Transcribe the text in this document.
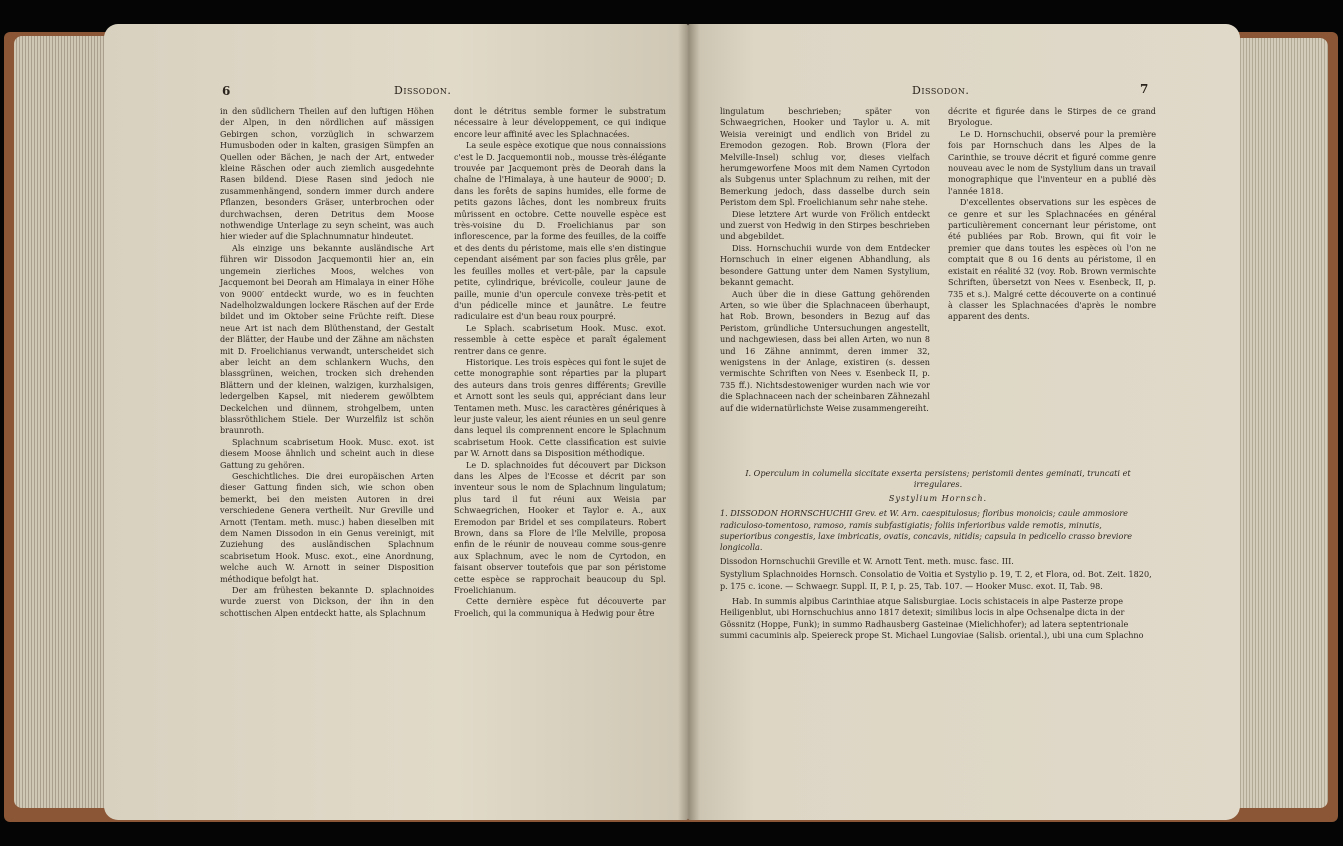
6	Dissodon.

in den südlichern Theilen auf den luftigen Höhen der Alpen, in den nördlichen auf mässigen Gebirgen schon, vorzüglich in schwarzem Humusboden oder in kalten, grasigen Sümpfen an Quellen oder Bächen, je nach der Art, entweder kleine Räschen oder auch ziemlich ausgedehnte Rasen bildend. Diese Rasen sind jedoch nie zusammenhängend, sondern immer durch andere Pflanzen, besonders Gräser, unterbrochen oder durchwachsen, deren Detritus dem Moose nothwendige Unterlage zu seyn scheint, was auch hier wieder auf die Splachnumnatur hindeutet.

Als einzige uns bekannte ausländische Art führen wir Dissodon Jacquemontii hier an, ein ungemein zierliches Moos, welches von Jacquemont bei Deorah am Himalaya in einer Höhe von 9000′ entdeckt wurde, wo es in feuchten Nadelholzwaldungen lockere Räschen auf der Erde bildet und im Oktober seine Früchte reift. Diese neue Art ist nach dem Blüthenstand, der Gestalt der Blätter, der Haube und der Zähne am nächsten mit D. Froelichianus verwandt, unterscheidet sich aber leicht an dem schlankern Wuchs, den blassgrünen, weichen, trocken sich drehenden Blättern und der kleinen, walzigen, kurzhalsigen, ledergelben Kapsel, mit niederem gewölbtem Deckelchen und dünnem, strohgelbem, unten blassröthlichem Stiele. Der Wurzelfilz ist schön braunroth.

Splachnum scabrisetum Hook. Musc. exot. ist diesem Moose ähnlich und scheint auch in diese Gattung zu gehören.

Geschichtliches. Die drei europäischen Arten dieser Gattung finden sich, wie schon oben bemerkt, bei den meisten Autoren in drei verschiedene Genera vertheilt. Nur Greville und Arnott (Tentam. meth. musc.) haben dieselben mit dem Namen Dissodon in ein Genus vereinigt, mit Zuziehung des ausländischen Splachnum scabrisetum Hook. Musc. exot., eine Anordnung, welche auch W. Arnott in seiner Disposition méthodique befolgt hat.

Der am frühesten bekannte D. splachnoides wurde zuerst von Dickson, der ihn in den schottischen Alpen entdeckt hatte, als Splachnum

dont le détritus semble former le substratum nécessaire à leur développement, ce qui indique encore leur affinité avec les Splachnacées.

La seule espèce exotique que nous connaissions c'est le D. Jacquemontii nob., mousse très-élégante trouvée par Jacquemont près de Deorah dans la chaîne de l'Himalaya, à une hauteur de 9000′; D. dans les forêts de sapins humides, elle forme de petits gazons lâches, dont les nombreux fruits mûrissent en octobre. Cette nouvelle espèce est très-voisine du D. Froelichianus par son inflorescence, par la forme des feuilles, de la coiffe et des dents du péristome, mais elle s'en distingue cependant aisément par son facies plus grêle, par les feuilles molles et vert-pâle, par la capsule petite, cylindrique, brévicolle, couleur jaune de paille, munie d'un opercule convexe très-petit et d'un pédicelle mince et jaunâtre. Le feutre radiculaire est d'un beau roux pourpré.

Le Splach. scabrisetum Hook. Musc. exot. ressemble à cette espèce et paraît également rentrer dans ce genre.

Historique. Les trois espèces qui font le sujet de cette monographie sont réparties par la plupart des auteurs dans trois genres différents; Greville et Arnott sont les seuls qui, appréciant dans leur Tentamen meth. Musc. les caractères génériques à leur juste valeur, les aient réunies en un seul genre dans lequel ils comprennent encore le Splachnum scabrisetum Hook. Cette classification est suivie par W. Arnott dans sa Disposition méthodique.

Le D. splachnoides fut découvert par Dickson dans les Alpes de l'Ecosse et décrit par son inventeur sous le nom de Splachnum lingulatum; plus tard il fut réuni aux Weisia par Schwaegrichen, Hooker et Taylor e. A., aux Eremodon par Bridel et ses compilateurs. Robert Brown, dans sa Flore de l'île Melville, proposa enfin de le réunir de nouveau comme sous-genre aux Splachnum, avec le nom de Cyrtodon, en faisant observer toutefois que par son péristome cette espèce se rapprochait beaucoup du Spl. Froelichianum.

Cette dernière espèce fut découverte par Froelich, qui la communiqua à Hedwig pour être

Dissodon.	7

lingulatum beschrieben; später von Schwaegrichen, Hooker und Taylor u. A. mit Weisia vereinigt und endlich von Bridel zu Eremodon gezogen. Rob. Brown (Flora der Melville-Insel) schlug vor, dieses vielfach herumgeworfene Moos mit dem Namen Cyrtodon als Subgenus unter Splachnum zu reihen, mit der Bemerkung jedoch, dass dasselbe durch sein Peristom dem Spl. Froelichianum sehr nahe stehe.

Diese letztere Art wurde von Frölich entdeckt und zuerst von Hedwig in den Stirpes beschrieben und abgebildet.

Diss. Hornschuchii wurde von dem Entdecker Hornschuch in einer eigenen Abhandlung, als besondere Gattung unter dem Namen Systylium, bekannt gemacht.

Auch über die in diese Gattung gehörenden Arten, so wie über die Splachnaceen überhaupt, hat Rob. Brown, besonders in Bezug auf das Peristom, gründliche Untersuchungen angestellt, und nachgewiesen, dass bei allen Arten, wo nun 8 und 16 Zähne annimmt, deren immer 32, wenigstens in der Anlage, existiren (s. dessen vermischte Schriften von Nees v. Esenbeck II, p. 735 ff.). Nichtsdestoweniger wurden nach wie vor die Splachnaceen nach der scheinbaren Zähnezahl auf die widernatürlichste Weise zusammengereiht.

décrite et figurée dans le Stirpes de ce grand Bryologue.

Le D. Hornschuchii, observé pour la première fois par Hornschuch dans les Alpes de la Carinthie, se trouve décrit et figuré comme genre nouveau avec le nom de Systylium dans un travail monographique que l'inventeur en a publié dès l'année 1818.

D'excellentes observations sur les espèces de ce genre et sur les Splachnacées en général particulièrement concernant leur péristome, ont été publiées par Rob. Brown, qui fit voir le premier que dans toutes les espèces où l'on ne comptait que 8 ou 16 dents au péristome, il en existait en réalité 32 (voy. Rob. Brown vermischte Schriften, übersetzt von Nees v. Esenbeck, II, p. 735 et s.). Malgré cette découverte on a continué à classer les Splachnacées d'après le nombre apparent des dents.

I. Operculum in columella siccitate exserta persistens; peristomii dentes geminati, truncati et irregulares.

Systylium Hornsch.

1. DISSODON HORNSCHUCHII Grev. et W. Arn. caespitulosus; floribus monoicis; caule ammosiore radiculoso-tomentoso, ramoso, ramis subfastigiatis; foliis inferioribus valde remotis, minutis, superioribus congestis, laxe imbricatis, ovatis, concavis, nitidis; capsula in pedicello crasso breviore longicolla.

Dissodon Hornschuchii Greville et W. Arnott Tent. meth. musc. fasc. III.

Systylium Splachnoides Hornsch. Consolatio de Voitia et Systylio p. 19, T. 2, et Flora, od. Bot. Zeit. 1820, p. 175 c. icone. — Schwaegr. Suppl. II, P. I, p. 25, Tab. 107. — Hooker Musc. exot. II, Tab. 98.

Hab. In summis alpibus Carinthiae atque Salisburgiae. Locis schistaceis in alpe Pasterze prope Heiligenblut, ubi Hornschuchius anno 1817 detexit; similibus locis in alpe Ochsenalpe dicta in der Gössnitz (Hoppe, Funk); in summo Radhausberg Gasteinae (Mielichhofer); ad latera septentrionale summi cacuminis alp. Speiereck prope St. Michael Lungoviae (Salisb. oriental.), ubi una cum Splachno
